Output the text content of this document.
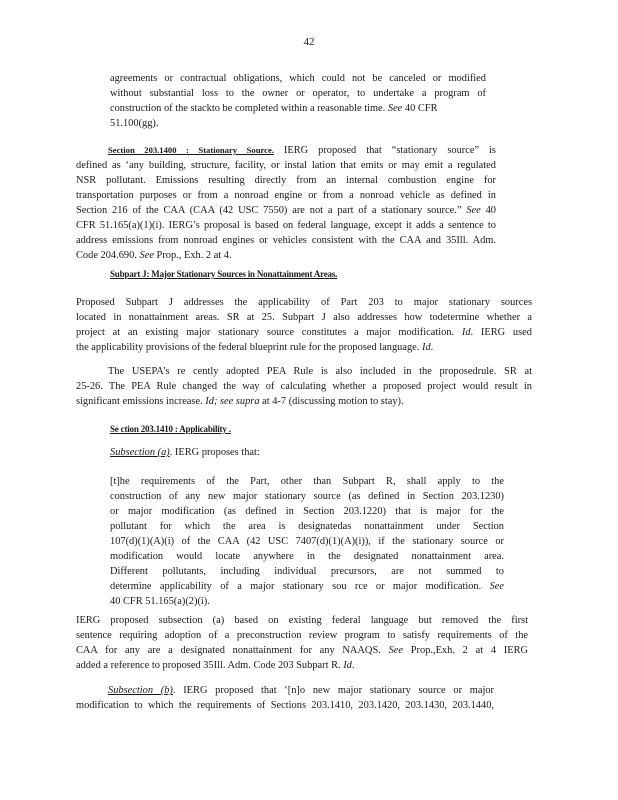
42
agreements or contractual obligations, which could not be canceled or modified
without substantial loss to the owner or operator, to undertake a program of
construction of the stackto be completed within a reasonable time. See 40 CFR
51.100(gg).
Section 203.1400 : Stationary Source. IERG proposed that “stationary source” is
defined as ‘any building, structure, facility, or instal lation that emits or may emit a regulated
NSR pollutant. Emissions resulting directly from an internal combustion engine for
transportation purposes or from a nonroad engine or from a nonroad vehicle as defined in
Section 216 of the CAA (CAA (42 USC 7550) are not a part of a stationary source.” See 40
CFR 51.165(a)(1)(i). IERG’s proposal is based on federal language, except it adds a sentence to
address emissions from nonroad engines or vehicles consistent with the CAA and 35Ill. Adm.
Code 204.690. See Prop., Exh. 2 at 4.
Subpart J: Major Stationary Sources in Nonattainment Areas.
Proposed Subpart J addresses the applicability of Part 203 to major stationary sources
located in nonattainment areas. SR at 25. Subpart J also addresses how todetermine whether a
project at an existing major stationary source constitutes a major modification. Id. IERG used
the applicability provisions of the federal blueprint rule for the proposed language. Id.
The USEPA’s re cently adopted PEA Rule is also included in the proposedrule. SR at
25-26. The PEA Rule changed the way of calculating whether a proposed project would result in
significant emissions increase. Id; see supra at 4-7 (discussing motion to stay).
Se ction 203.1410 : Applicability .
Subsection (a). IERG proposes that:
[t]he requirements of the Part, other than Subpart R, shall apply to the
construction of any new major stationary source (as defined in Section 203.1230)
or major modification (as defined in Section 203.1220) that is major for the
pollutant for which the area is designatedas nonattainment under Section
107(d)(1)(A)(i) of the CAA (42 USC 7407(d)(1)(A)(i)), if the stationary source or
modification would locate anywhere in the designated nonattainment area.
Different pollutants, including individual precursors, are not summed to
determine applicability of a major stationary sou rce or major modification. See
40 CFR 51.165(a)(2)(i).
IERG proposed subsection (a) based on existing federal language but removed the first
sentence requiring adoption of a preconstruction review program to satisfy requirements of the
CAA for any are a designated nonattainment for any NAAQS. See Prop.,Exh. 2 at 4 IERG
added a reference to proposed 35Ill. Adm. Code 203 Subpart R. Id.
Subsection (b). IERG proposed that ‘[n]o new major stationary source or major
modification to which the requirements of Sections 203.1410, 203.1420, 203.1430, 203.1440,
